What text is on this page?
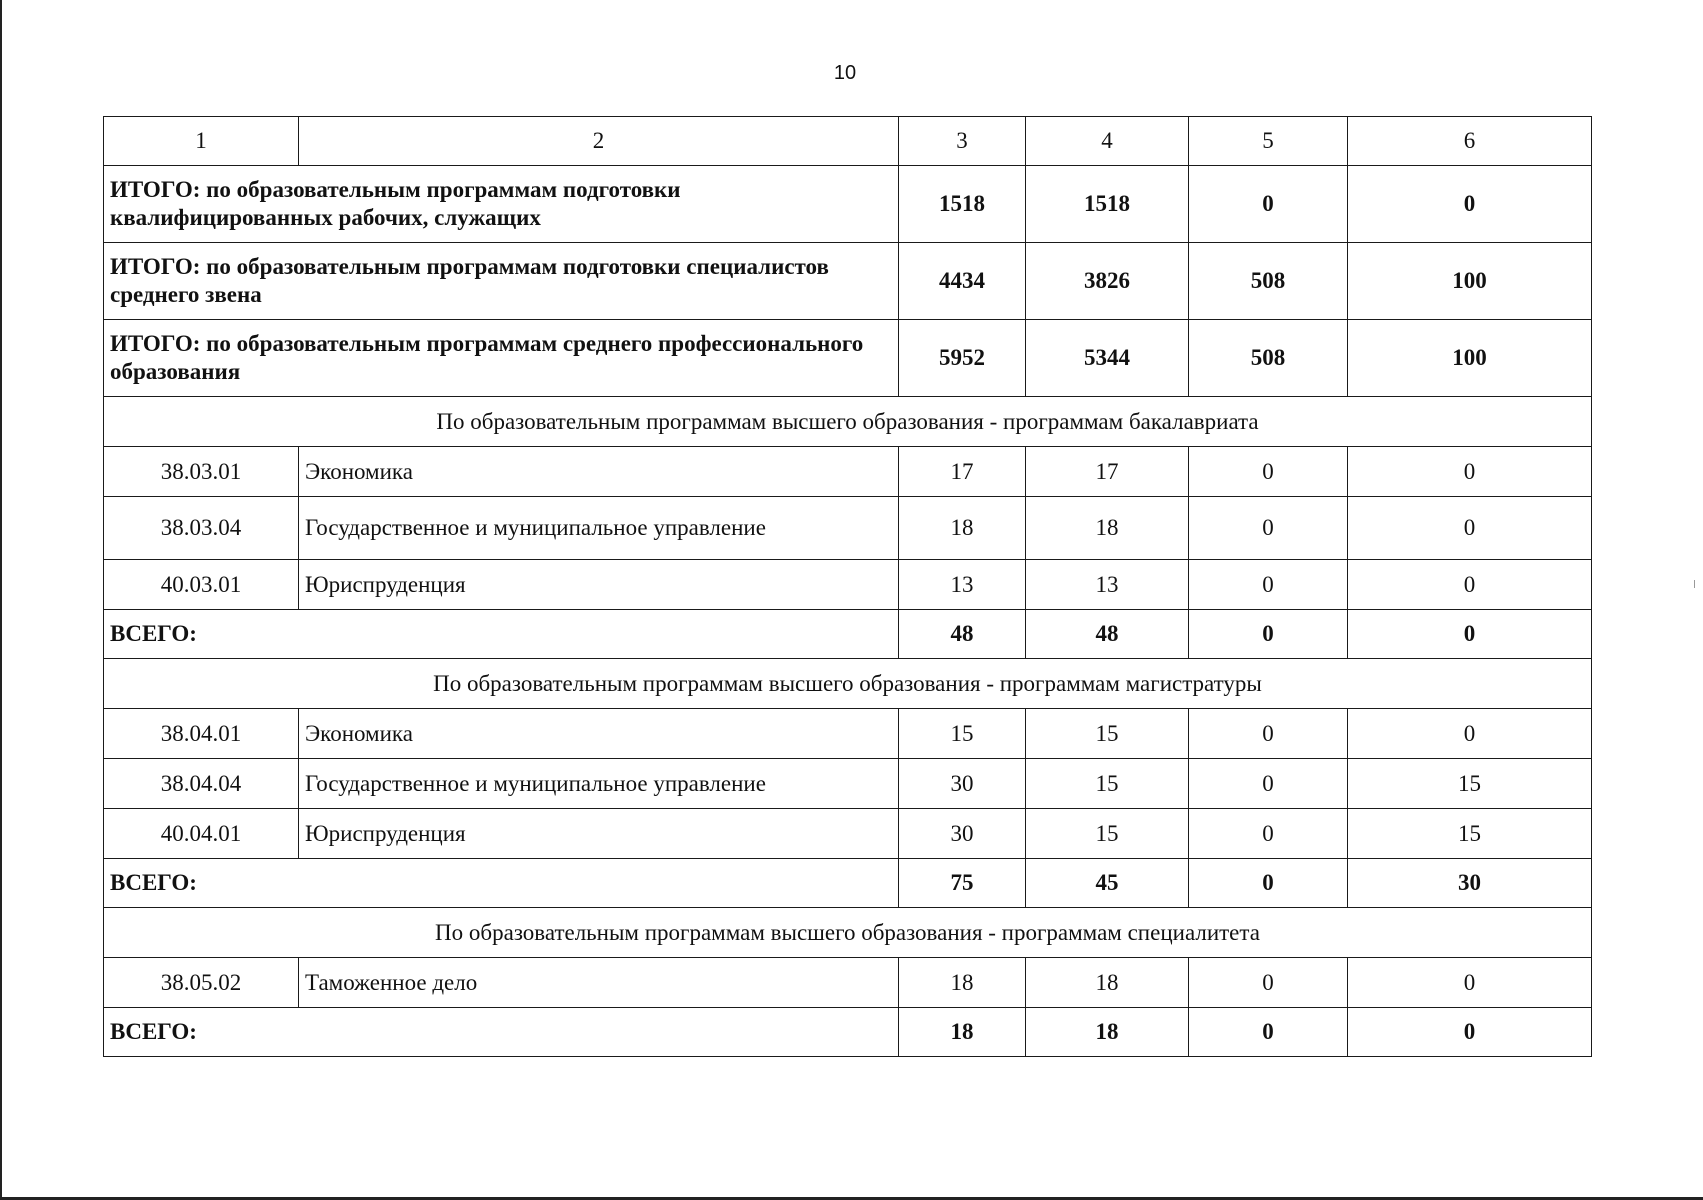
10
1	2	3	4	5	6
ИТОГО: по образовательным программам подготовки квалифицированных рабочих, служащих		1518	1518	0	0
ИТОГО: по образовательным программам подготовки специалистов среднего звена		4434	3826	508	100
ИТОГО: по образовательным программам среднего профессионального образования		5952	5344	508	100
По образовательным программам высшего образования - программам бакалавриата					
38.03.01	Экономика	17	17	0	0
38.03.04	Государственное и муниципальное управление	18	18	0	0
40.03.01	Юриспруденция	13	13	0	0
ВСЕГО:		48	48	0	0
По образовательным программам высшего образования - программам магистратуры					
38.04.01	Экономика	15	15	0	0
38.04.04	Государственное и муниципальное управление	30	15	0	15
40.04.01	Юриспруденция	30	15	0	15
ВСЕГО:		75	45	0	30
По образовательным программам высшего образования - программам специалитета					
38.05.02	Таможенное дело	18	18	0	0
ВСЕГО:		18	18	0	0
